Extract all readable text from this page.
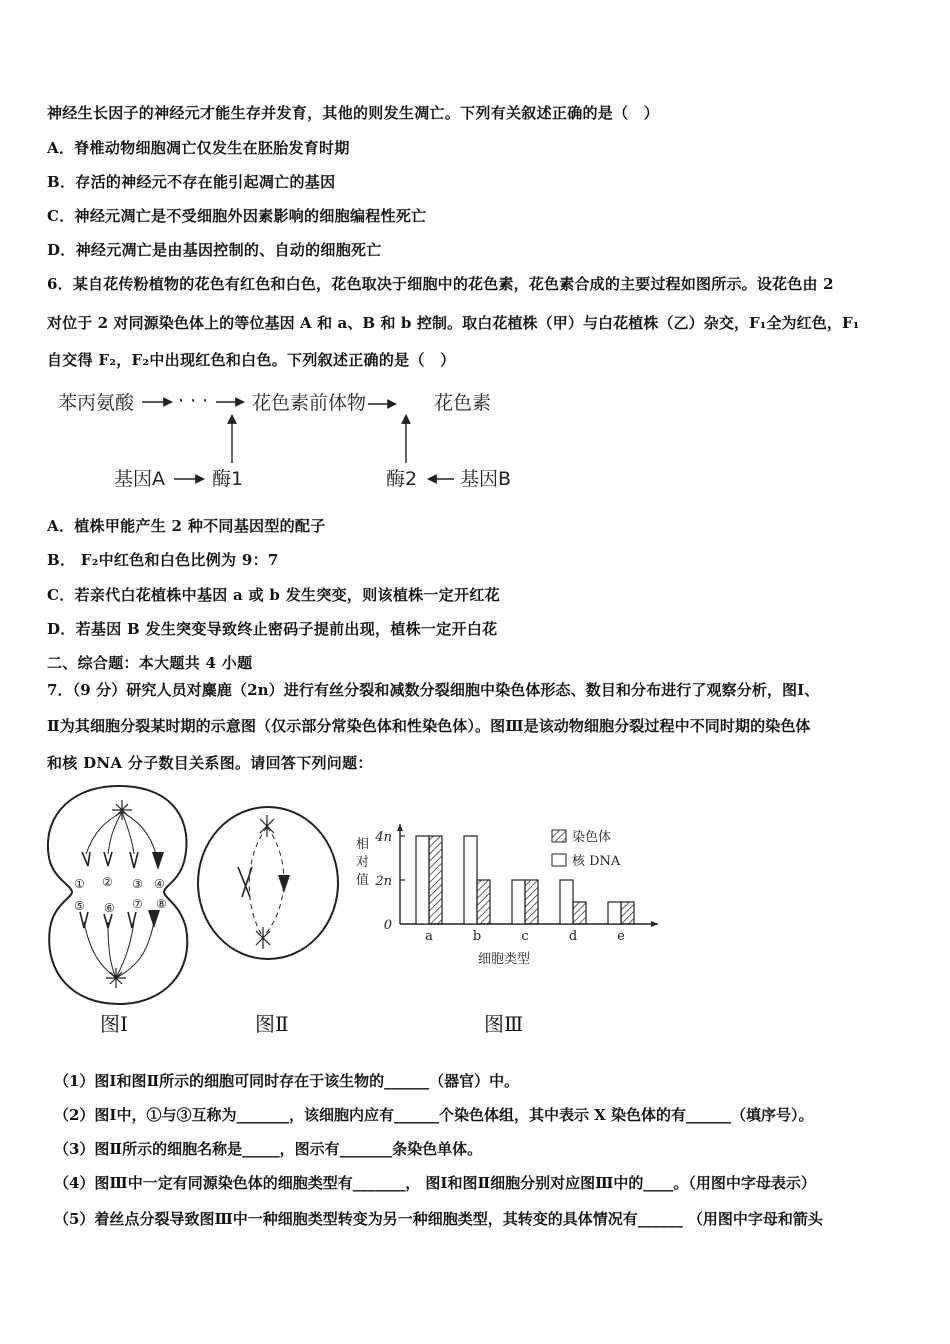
神经生长因子的神经元才能生存并发育，其他的则发生凋亡。下列有关叙述正确的是（　）
A．脊椎动物细胞凋亡仅发生在胚胎发育时期
B．存活的神经元不存在能引起凋亡的基因
C．神经元凋亡是不受细胞外因素影响的细胞编程性死亡
D．神经元凋亡是由基因控制的、自动的细胞死亡
6．某自花传粉植物的花色有红色和白色，花色取决于细胞中的花色素，花色素合成的主要过程如图所示。设花色由 2
对位于 2 对同源染色体上的等位基因 A 和 a、B 和 b 控制。取白花植株（甲）与白花植株（乙）杂交，F₁全为红色，F₁
自交得 F₂，F₂中出现红色和白色。下列叙述正确的是（　）
苯丙氨酸 · · · 花色素前体物	花色素
基因A 酶1	酶2 基因B
A．植株甲能产生 2 种不同基因型的配子
B． F₂中红色和白色比例为 9：7
C．若亲代白花植株中基因 a 或 b 发生突变，则该植株一定开红花
D．若基因 B 发生突变导致终止密码子提前出现，植株一定开白花
二、综合题：本大题共 4 小题
7．（9 分）研究人员对麋鹿（2n）进行有丝分裂和减数分裂细胞中染色体形态、数目和分布进行了观察分析，图Ⅰ、
Ⅱ为其细胞分裂某时期的示意图（仅示部分常染色体和性染色体）。图Ⅲ是该动物细胞分裂过程中不同时期的染色体
和核 DNA 分子数目关系图。请回答下列问题：
① ② ③ ④
⑤ ⑥ ⑦ ⑧
相
对
值
0
2n
4n
a	b	c	d	e
染色体
核 DNA
细胞类型
图Ⅰ	图Ⅱ	图Ⅲ
（1）图Ⅰ和图Ⅱ所示的细胞可同时存在于该生物的______（器官）中。
（2）图Ⅰ中，①与③互称为_______，该细胞内应有______个染色体组，其中表示 X 染色体的有______（填序号）。
（3）图Ⅱ所示的细胞名称是_____，图示有_______条染色单体。
（4）图Ⅲ中一定有同源染色体的细胞类型有_______， 图Ⅰ和图Ⅱ细胞分别对应图Ⅲ中的____。（用图中字母表示）
（5）着丝点分裂导致图Ⅲ中一种细胞类型转变为另一种细胞类型，其转变的具体情况有______ （用图中字母和箭头
